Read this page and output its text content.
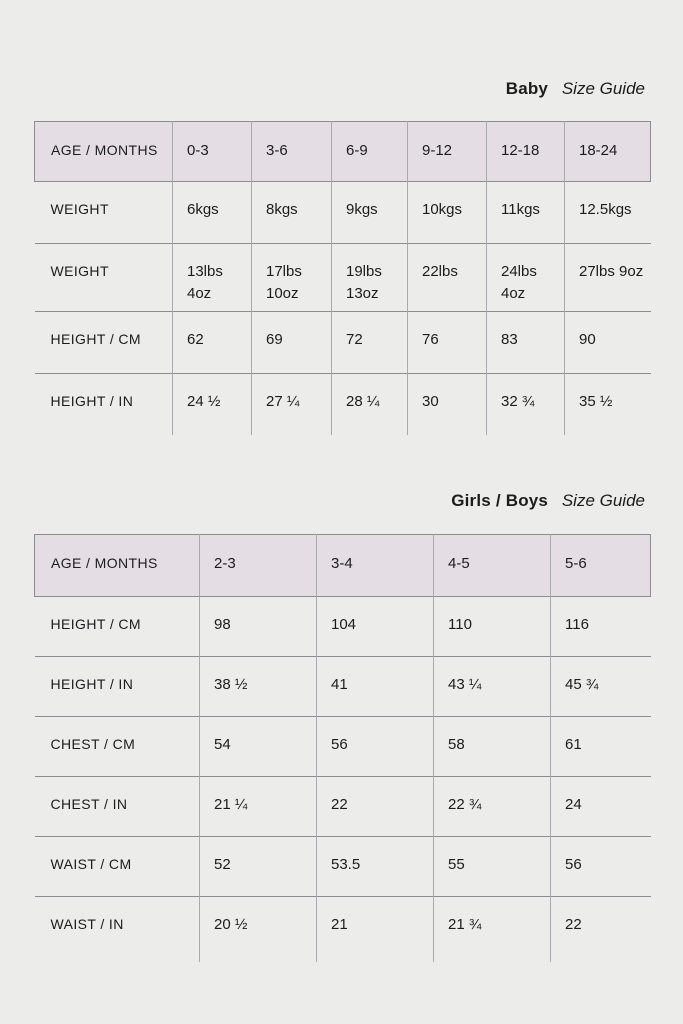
Baby Size Guide
AGE / MONTHS	0-3	3-6	6-9	9-12	12-18	18-24
WEIGHT	6kgs	8kgs	9kgs	10kgs	11kgs	12.5kgs
WEIGHT	13lbs 4oz	17lbs 10oz	19lbs 13oz	22lbs	24lbs 4oz	27lbs 9oz
HEIGHT / CM	62	69	72	76	83	90
HEIGHT / IN	24 ½	27 ¼	28 ¼	30	32 ¾	35 ½
Girls / Boys Size Guide
AGE / MONTHS	2-3	3-4	4-5	5-6
HEIGHT / CM	98	104	110	116
HEIGHT / IN	38 ½	41	43 ¼	45 ¾
CHEST / CM	54	56	58	61
CHEST / IN	21 ¼	22	22 ¾	24
WAIST / CM	52	53.5	55	56
WAIST / IN	20 ½	21	21 ¾	22
